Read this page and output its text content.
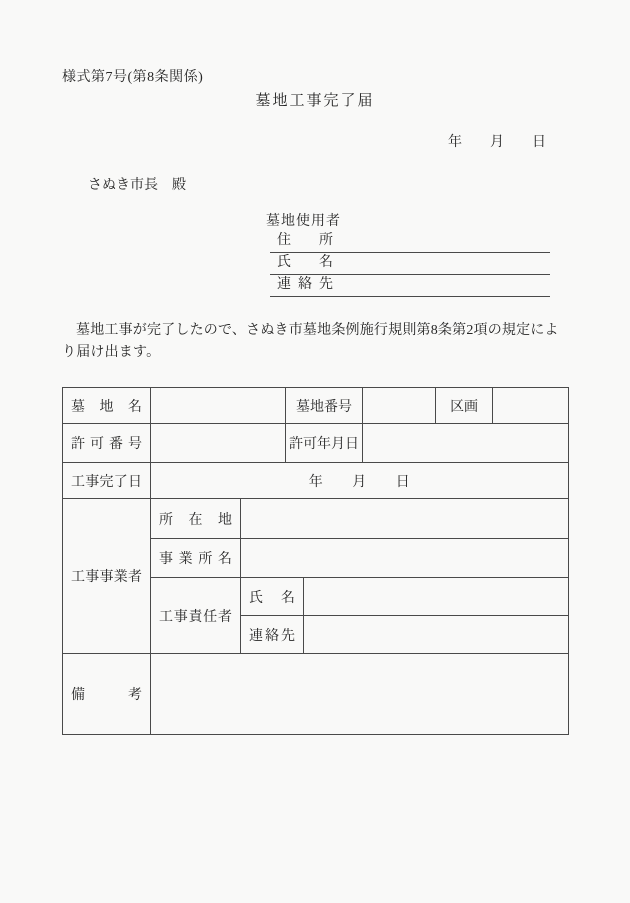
様式第7号(第8条関係)
墓地工事完了届
年　　月　　日
さぬき市長　殿
墓地使用者
住所
氏名
連絡先
墓地工事が完了したので、さぬき市墓地条例施行規則第8条第2項の規定により届け出ます。
墓地名			墓地番号			区画	
許可番号			許可年月日				
工事完了日	年　　月　　日						
工事事業者	所在地						
	事業所名						
	工事責任者	氏名					
		連絡先					
備考							
